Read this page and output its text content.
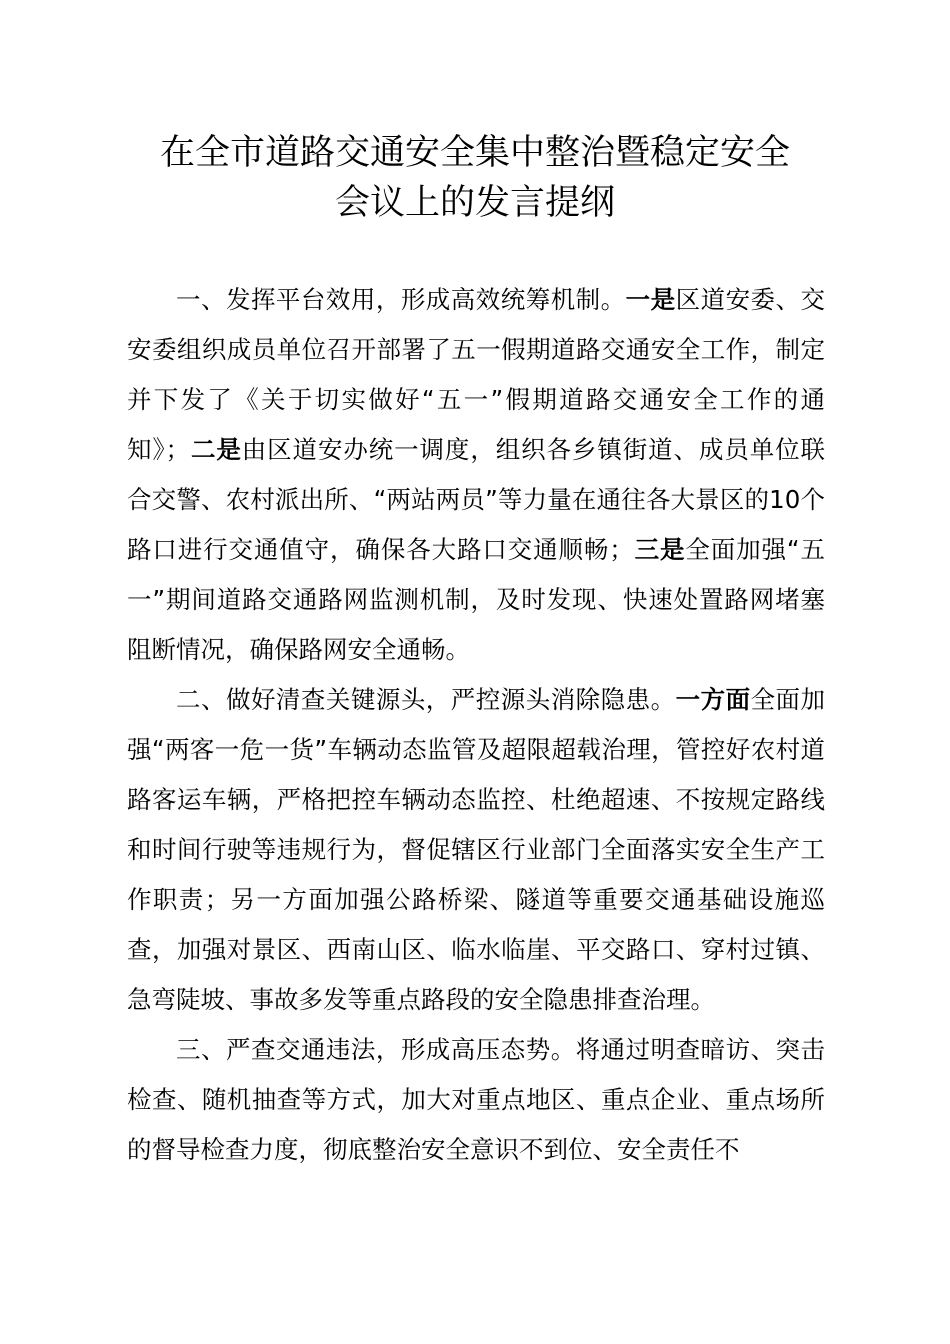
在全市道路交通安全集中整治暨稳定安全
会议上的发言提纲

一、发挥平台效用，形成高效统筹机制。一是区道安委、交安委组织成员单位召开部署了五一假期道路交通安全工作，制定并下发了《关于切实做好“五一”假期道路交通安全工作的通知》；二是由区道安办统一调度，组织各乡镇街道、成员单位联合交警、农村派出所、“两站两员”等力量在通往各大景区的10个路口进行交通值守，确保各大路口交通顺畅；三是全面加强“五一”期间道路交通路网监测机制，及时发现、快速处置路网堵塞阻断情况，确保路网安全通畅。

二、做好清查关键源头，严控源头消除隐患。一方面全面加强“两客一危一货”车辆动态监管及超限超载治理，管控好农村道路客运车辆，严格把控车辆动态监控、杜绝超速、不按规定路线和时间行驶等违规行为，督促辖区行业部门全面落实安全生产工作职责；另一方面加强公路桥梁、隧道等重要交通基础设施巡查，加强对景区、西南山区、临水临崖、平交路口、穿村过镇、急弯陡坡、事故多发等重点路段的安全隐患排查治理。

三、严查交通违法，形成高压态势。将通过明查暗访、突击检查、随机抽查等方式，加大对重点地区、重点企业、重点场所的督导检查力度，彻底整治安全意识不到位、安全责任不
